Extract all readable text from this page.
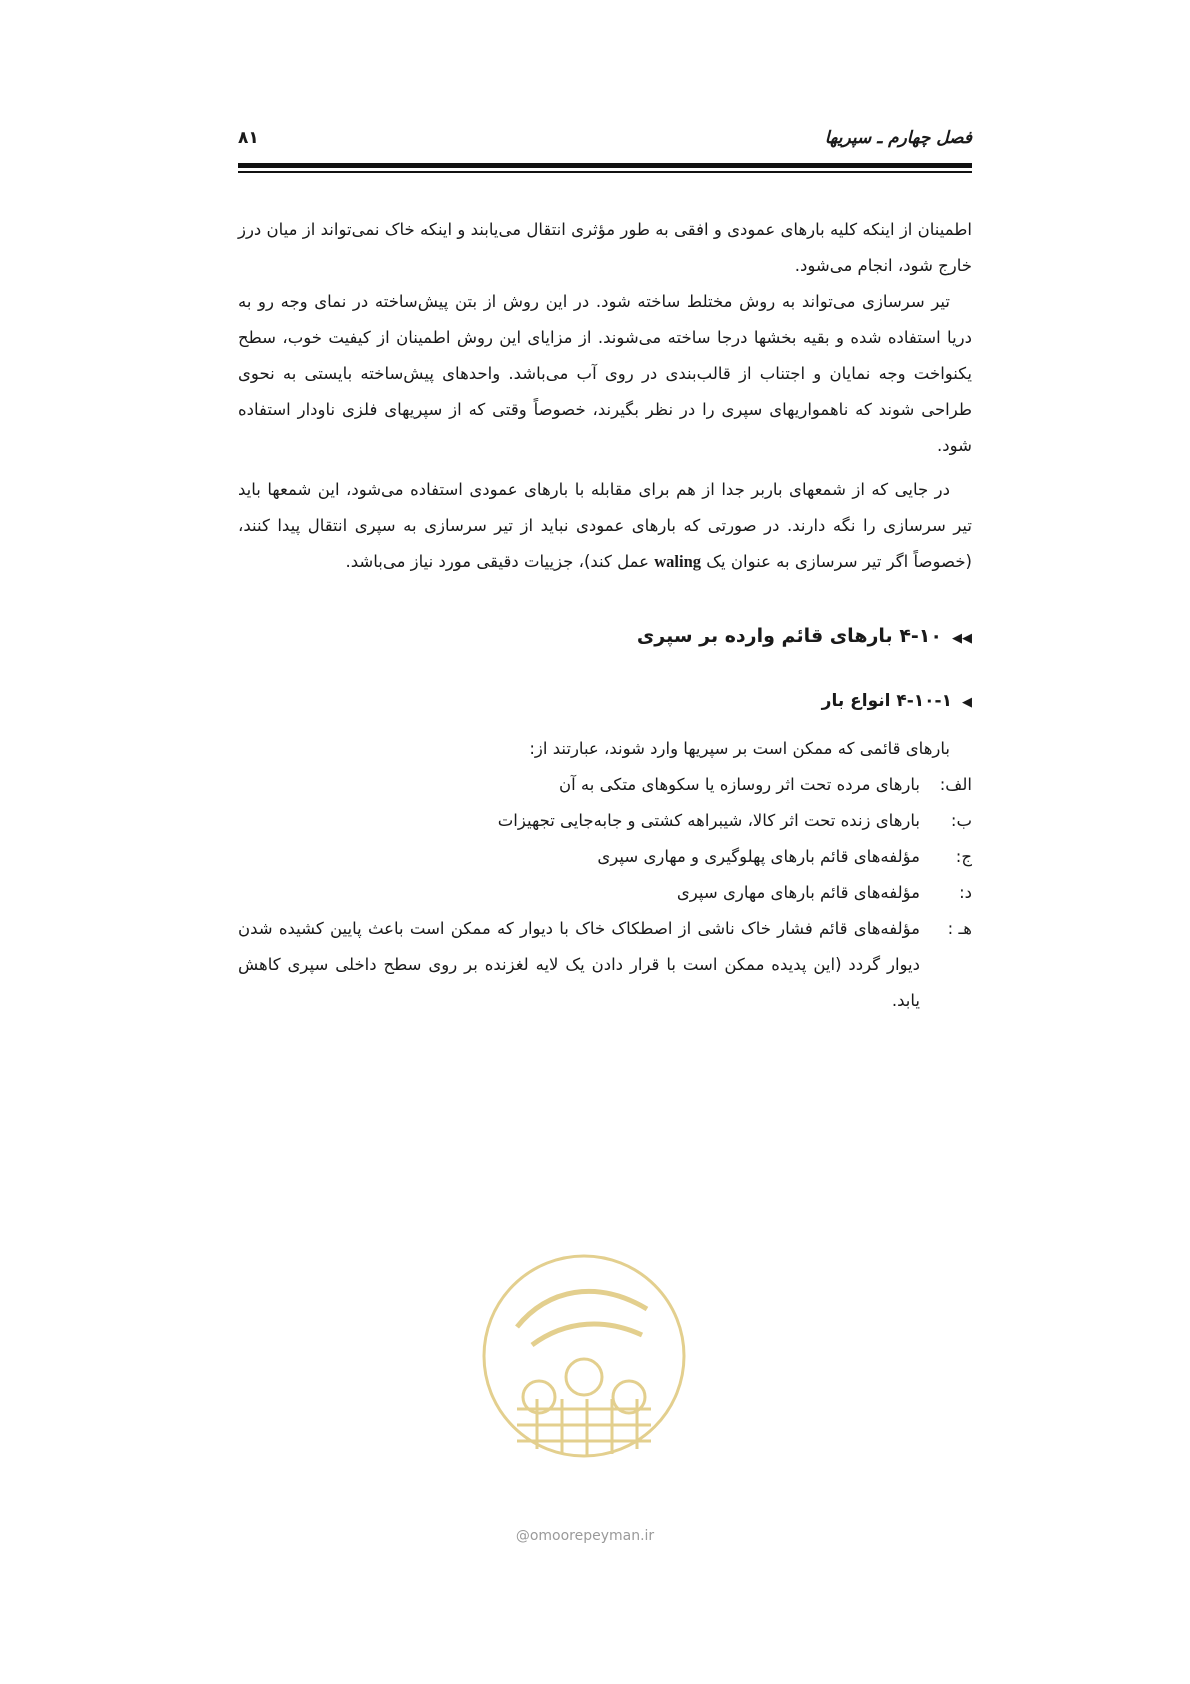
فصل چهارم ـ سپریها
۸۱

اطمینان از اینکه کلیه بارهای عمودی و افقی به طور مؤثری انتقال می‌یابند و اینکه خاک نمی‌تواند از میان درز خارج شود، انجام می‌شود.

تیر سرسازی می‌تواند به روش مختلط ساخته شود. در این روش از بتن پیش‌ساخته در نمای وجه رو به دریا استفاده شده و بقیه بخشها درجا ساخته می‌شوند. از مزایای این روش اطمینان از کیفیت خوب، سطح یکنواخت وجه نمایان و اجتناب از قالب‌بندی در روی آب می‌باشد. واحدهای پیش‌ساخته بایستی به نحوی طراحی شوند که ناهمواریهای سپری را در نظر بگیرند، خصوصاً وقتی که از سپریهای فلزی ناودار استفاده شود.

در جایی که از شمعهای باربر جدا از هم برای مقابله با بارهای عمودی استفاده می‌شود، این شمعها باید تیر سرسازی را نگه دارند. در صورتی که بارهای عمودی نباید از تیر سرسازی به سپری انتقال پیدا کنند، (خصوصاً اگر تیر سرسازی به عنوان یک waling عمل کند)، جزییات دقیقی مورد نیاز می‌باشد.

◀◀۴-۱۰ بارهای قائم وارده بر سپری
◀۴-۱۰-۱ انواع بار

بارهای قائمی که ممکن است بر سپریها وارد شوند، عبارتند از:

الف:
بارهای مرده تحت اثر روسازه یا سکوهای متکی به آن
ب:
بارهای زنده تحت اثر کالا، شیبراهه کشتی و جابه‌جایی تجهیزات
ج:
مؤلفه‌های قائم بارهای پهلوگیری و مهاری سپری
د:
مؤلفه‌های قائم بارهای مهاری سپری
هـ :
مؤلفه‌های قائم فشار خاک ناشی از اصطکاک خاک با دیوار که ممکن است باعث پایین کشیده شدن دیوار گردد (این پدیده ممکن است با قرار دادن یک لایه لغزنده بر روی سطح داخلی سپری کاهش یابد.
@omoorepeyman.ir
